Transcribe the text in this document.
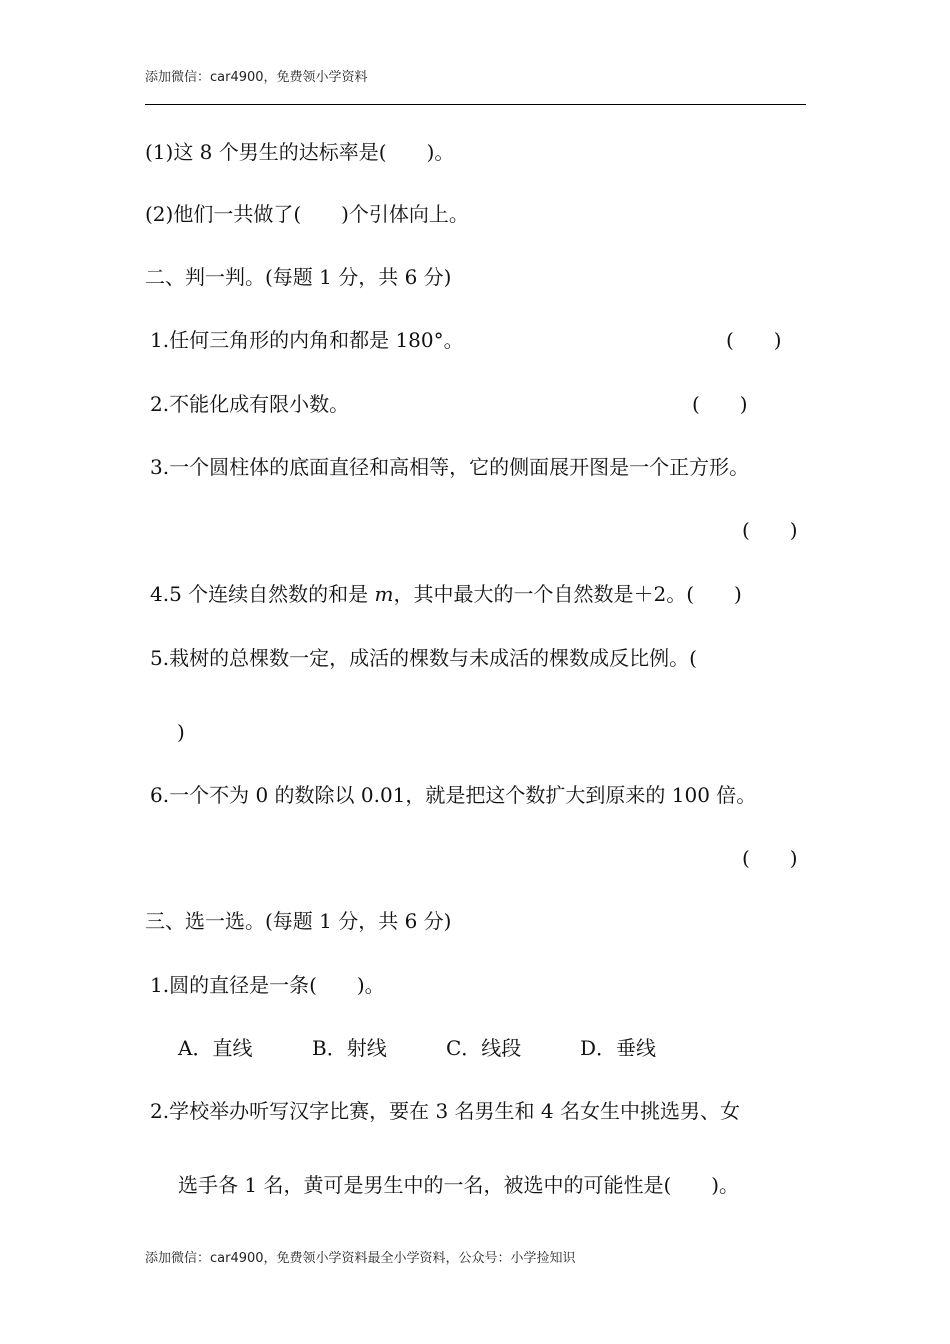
添加微信：car4900，免费领小学资料
(1)这 8 个男生的达标率是(　　)。
(2)他们一共做了(　　)个引体向上。
二、判一判。(每题 1 分，共 6 分)
1.任何三角形的内角和都是 180°。	(　　)
2.不能化成有限小数。	(　　)
3.一个圆柱体的底面直径和高相等，它的侧面展开图是一个正方形。
(　　)
4.5 个连续自然数的和是 m，其中最大的一个自然数是＋2。(　　)
5.栽树的总棵数一定，成活的棵数与未成活的棵数成反比例。(
)
6.一个不为 0 的数除以 0.01，就是把这个数扩大到原来的 100 倍。
(　　)
三、选一选。(每题 1 分，共 6 分)
1.圆的直径是一条(　　)。
A．直线	B．射线	C．线段	D．垂线
2.学校举办听写汉字比赛，要在 3 名男生和 4 名女生中挑选男、女
选手各 1 名，黄可是男生中的一名，被选中的可能性是(　　)。
添加微信：car4900，免费领小学资料最全小学资料，公众号：小学捡知识
